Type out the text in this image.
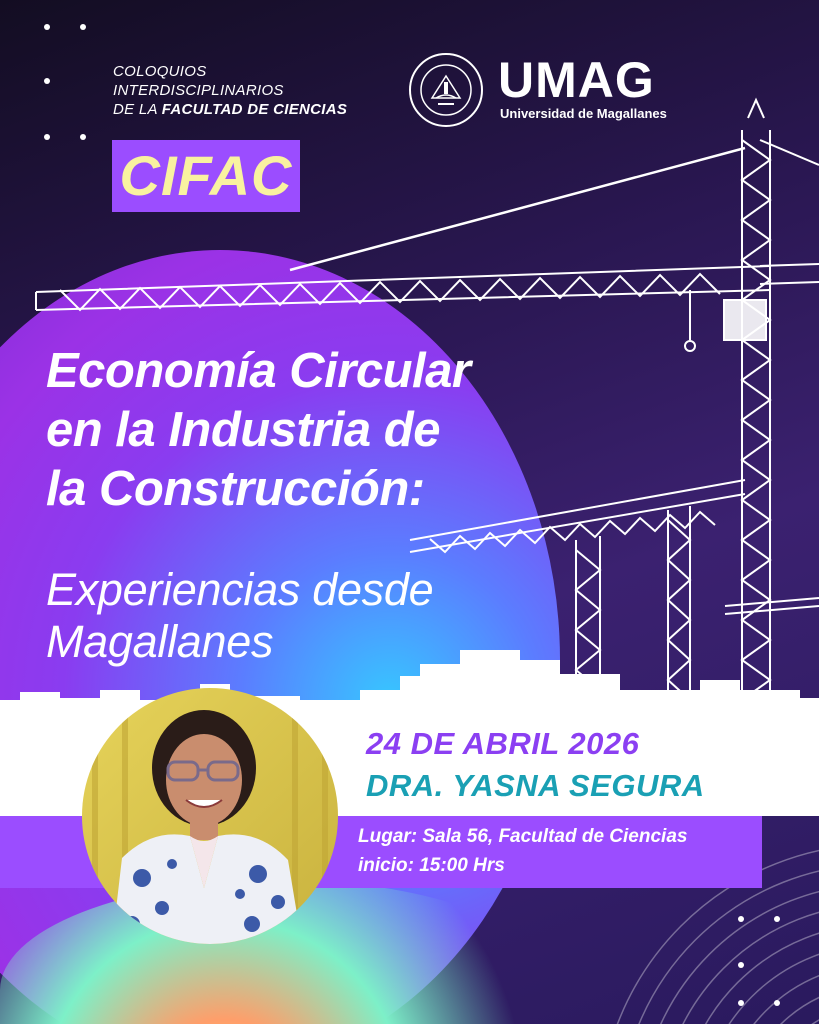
COLOQUIOS
INTERDISCIPLINARIOS
DE LA FACULTAD DE CIENCIAS
CIFAC
UMAG
Universidad de Magallanes
Economía Circular
en la Industria de
la Construcción:
Experiencias desde
Magallanes
24 DE ABRIL 2026
DRA. YASNA SEGURA
Lugar: Sala 56, Facultad de Ciencias
inicio: 15:00 Hrs
